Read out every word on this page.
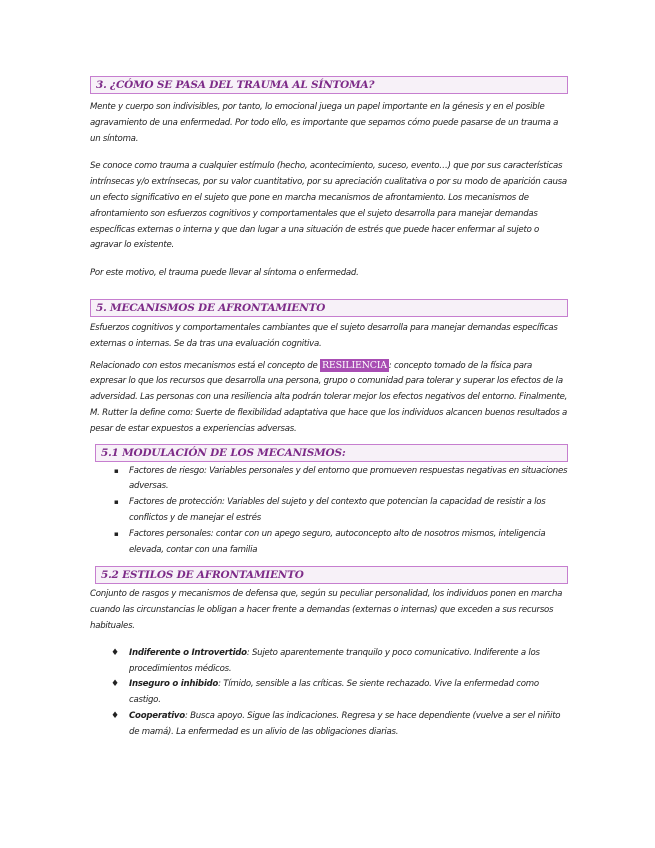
3. ¿CÓMO SE PASA DEL TRAUMA AL SÍNTOMA?

Mente y cuerpo son indivisibles, por tanto, lo emocional juega un papel importante en la génesis y en el posible agravamiento de una enfermedad. Por todo ello, es importante que sepamos cómo puede pasarse de un trauma a un síntoma.

Se conoce como trauma a cualquier estímulo (hecho, acontecimiento, suceso, evento…) que por sus características intrínsecas y/o extrínsecas, por su valor cuantitativo, por su apreciación cualitativa o por su modo de aparición causa un efecto significativo en el sujeto que pone en marcha mecanismos de afrontamiento. Los mecanismos de afrontamiento son esfuerzos cognitivos y comportamentales que el sujeto desarrolla para manejar demandas específicas externas o interna y que dan lugar a una situación de estrés que puede hacer enfermar al sujeto o agravar lo existente.

Por este motivo, el trauma puede llevar al síntoma o enfermedad.

5. MECANISMOS DE AFRONTAMIENTO

Esfuerzos cognitivos y comportamentales cambiantes que el sujeto desarrolla para manejar demandas específicas externas o internas. Se da tras una evaluación cognitiva.

Relacionado con estos mecanismos está el concepto de RESILIENCIA : concepto tomado de la física para expresar lo que los recursos que desarrolla una persona, grupo o comunidad para tolerar y superar los efectos de la adversidad. Las personas con una resiliencia alta podrán tolerar mejor los efectos negativos del entorno. Finalmente, M. Rutter la define como: Suerte de flexibilidad adaptativa que hace que los individuos alcancen buenos resultados a pesar de estar expuestos a experiencias adversas.

5.1 MODULACIÓN DE LOS MECANISMOS:
▪ Factores de riesgo: Variables personales y del entorno que promueven respuestas negativas en situaciones adversas.
▪ Factores de protección: Variables del sujeto y del contexto que potencian la capacidad de resistir a los conflictos y de manejar el estrés
▪ Factores personales: contar con un apego seguro, autoconcepto alto de nosotros mismos, inteligencia elevada, contar con una familia
5.2 ESTILOS DE AFRONTAMIENTO

Conjunto de rasgos y mecanismos de defensa que, según su peculiar personalidad, los individuos ponen en marcha cuando las circunstancias le obligan a hacer frente a demandas (externas o internas) que exceden a sus recursos habituales.

♦ Indiferente o Introvertido: Sujeto aparentemente tranquilo y poco comunicativo. Indiferente a los procedimientos médicos.
♦ Inseguro o inhibido: Tímido, sensible a las críticas. Se siente rechazado. Vive la enfermedad como castigo.
♦ Cooperativo: Busca apoyo. Sigue las indicaciones. Regresa y se hace dependiente (vuelve a ser el niñito de mamá). La enfermedad es un alivio de las obligaciones diarias.
